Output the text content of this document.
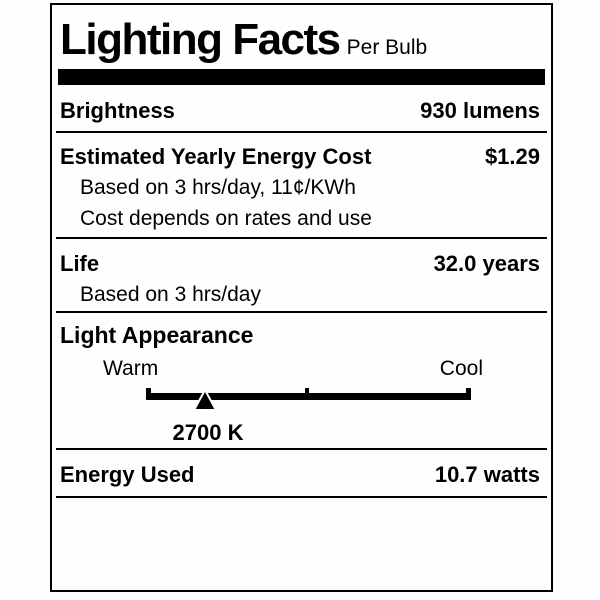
Lighting Facts Per Bulb
Brightness	930 lumens
Estimated Yearly Energy Cost	$1.29
Based on 3 hrs/day, 11¢/KWh
Cost depends on rates and use
Life	32.0 years
Based on 3 hrs/day
Light Appearance
Warm	Cool
2700 K
Energy Used	10.7 watts
